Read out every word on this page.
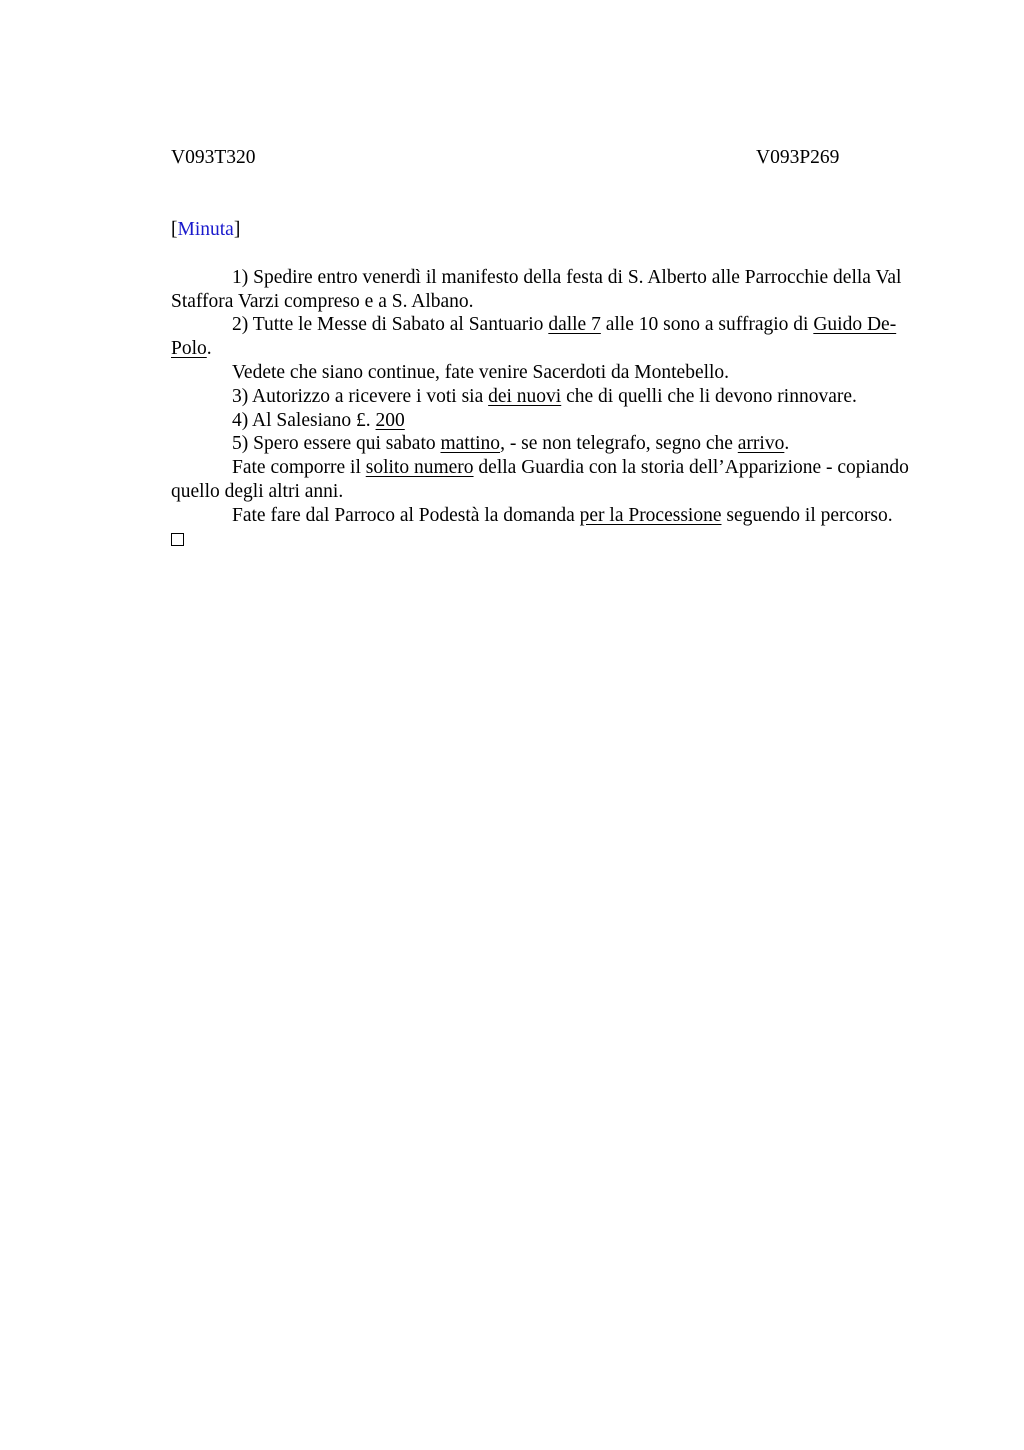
V093T320	V093P269
[Minuta]

1) Spedire entro venerdì il manifesto della festa di S. Alberto alle Parrocchie della Val Staffora Varzi compreso e a S. Albano.

2) Tutte le Messe di Sabato al Santuario dalle 7 alle 10 sono a suffragio di Guido De-Polo.

Vedete che siano continue, fate venire Sacerdoti da Montebello.

3) Autorizzo a ricevere i voti sia dei nuovi che di quelli che li devono rinnovare.

4) Al Salesiano £. 200

5) Spero essere qui sabato mattino, - se non telegrafo, segno che arrivo.

Fate comporre il solito numero della Guardia con la storia dell’Apparizione - copiando quello degli altri anni.

Fate fare dal Parroco al Podestà la domanda per la Processione seguendo il percorso.
